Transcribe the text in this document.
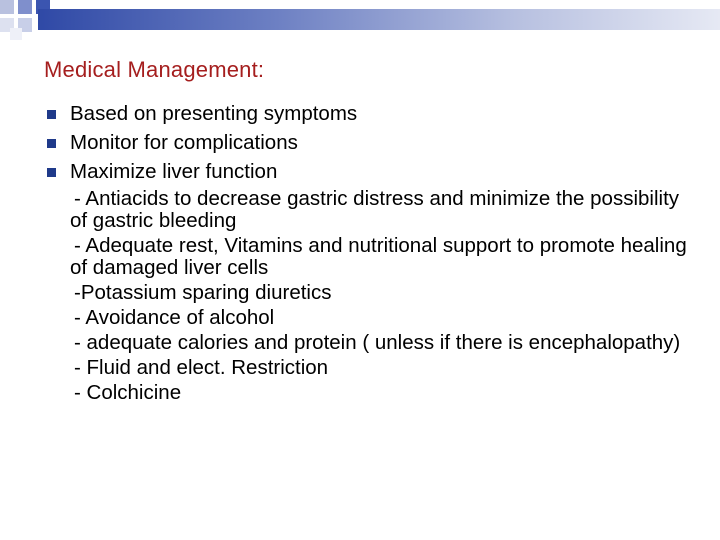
Medical Management:
Based on presenting symptoms
Monitor for complications
Maximize liver function
- Antiacids to decrease gastric distress and minimize the possibility of gastric bleeding
- Adequate rest, Vitamins and nutritional support to promote healing of damaged liver cells
-Potassium sparing diuretics
- Avoidance of alcohol
- adequate calories and protein ( unless if there is encephalopathy)
- Fluid and elect. Restriction
- Colchicine
